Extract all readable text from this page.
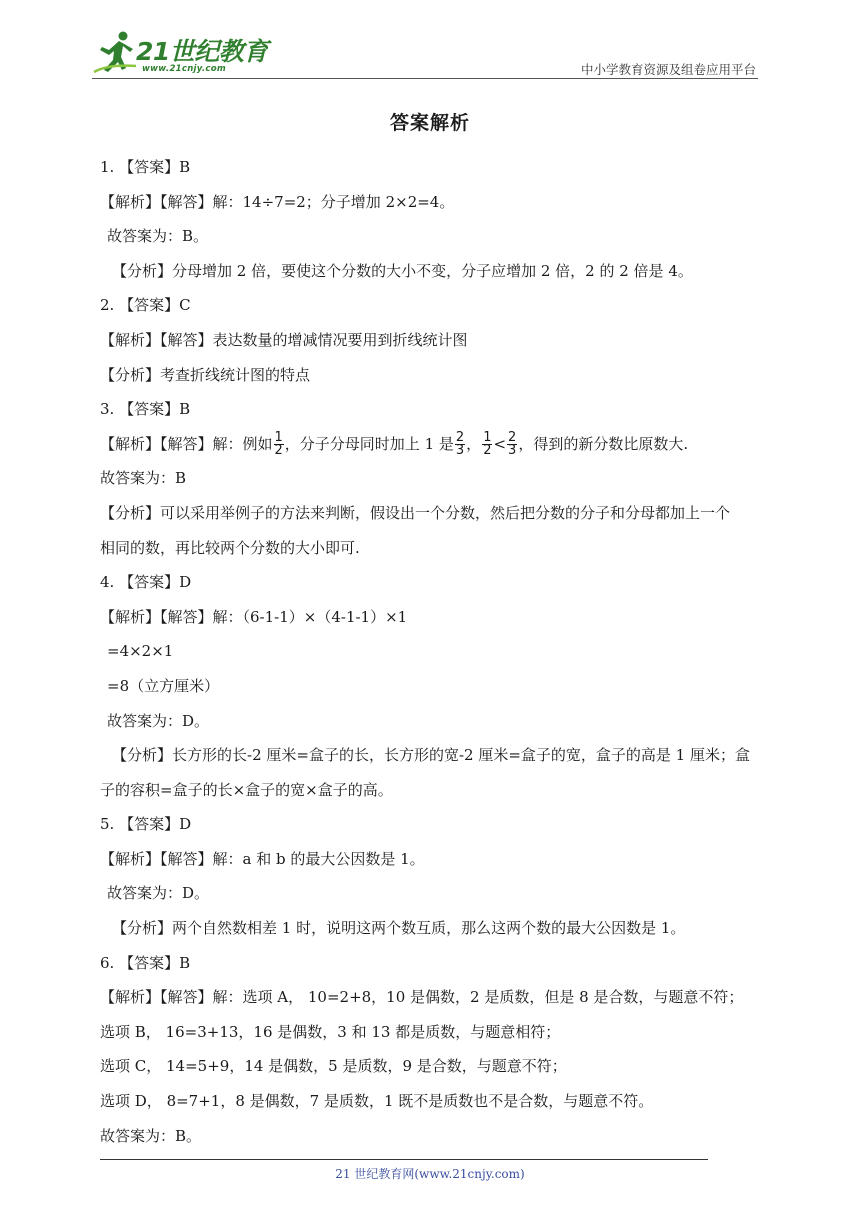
21世纪教育
www.21cnjy.com	中小学教育资源及组卷应用平台
答案解析
1. 【答案】B
【解析】【解答】解：14÷7=2；分子增加 2×2=4。
故答案为：B。
【分析】分母增加 2 倍，要使这个分数的大小不变，分子应增加 2 倍，2 的 2 倍是 4。
2. 【答案】C
【解析】【解答】表达数量的增减情况要用到折线统计图
【分析】考查折线统计图的特点
3. 【答案】B
【解析】【解答】解：例如 $\frac{1}{2}$ ，分子分母同时加上 1 是 $\frac{2}{3}$ ， $\frac{1}{2} < \frac{2}{3}$ ，得到的新分数比原数大.
故答案为：B
【分析】可以采用举例子的方法来判断，假设出一个分数，然后把分数的分子和分母都加上一个
相同的数，再比较两个分数的大小即可.
4. 【答案】D
【解析】【解答】解：（6-1-1）×（4-1-1）×1
=4×2×1
=8（立方厘米）
故答案为：D。
【分析】长方形的长-2 厘米=盒子的长，长方形的宽-2 厘米=盒子的宽，盒子的高是 1 厘米；盒
子的容积=盒子的长×盒子的宽×盒子的高。
5. 【答案】D
【解析】【解答】解：a 和 b 的最大公因数是 1。
故答案为：D。
【分析】两个自然数相差 1 时，说明这两个数互质，那么这两个数的最大公因数是 1。
6. 【答案】B
【解析】【解答】解：选项 A， 10=2+8，10 是偶数，2 是质数，但是 8 是合数，与题意不符；
选项 B， 16=3+13，16 是偶数，3 和 13 都是质数，与题意相符；
选项 C， 14=5+9，14 是偶数，5 是质数，9 是合数，与题意不符；
选项 D， 8=7+1，8 是偶数，7 是质数，1 既不是质数也不是合数，与题意不符。
故答案为：B。
21 世纪教育网(www.21cnjy.com)
